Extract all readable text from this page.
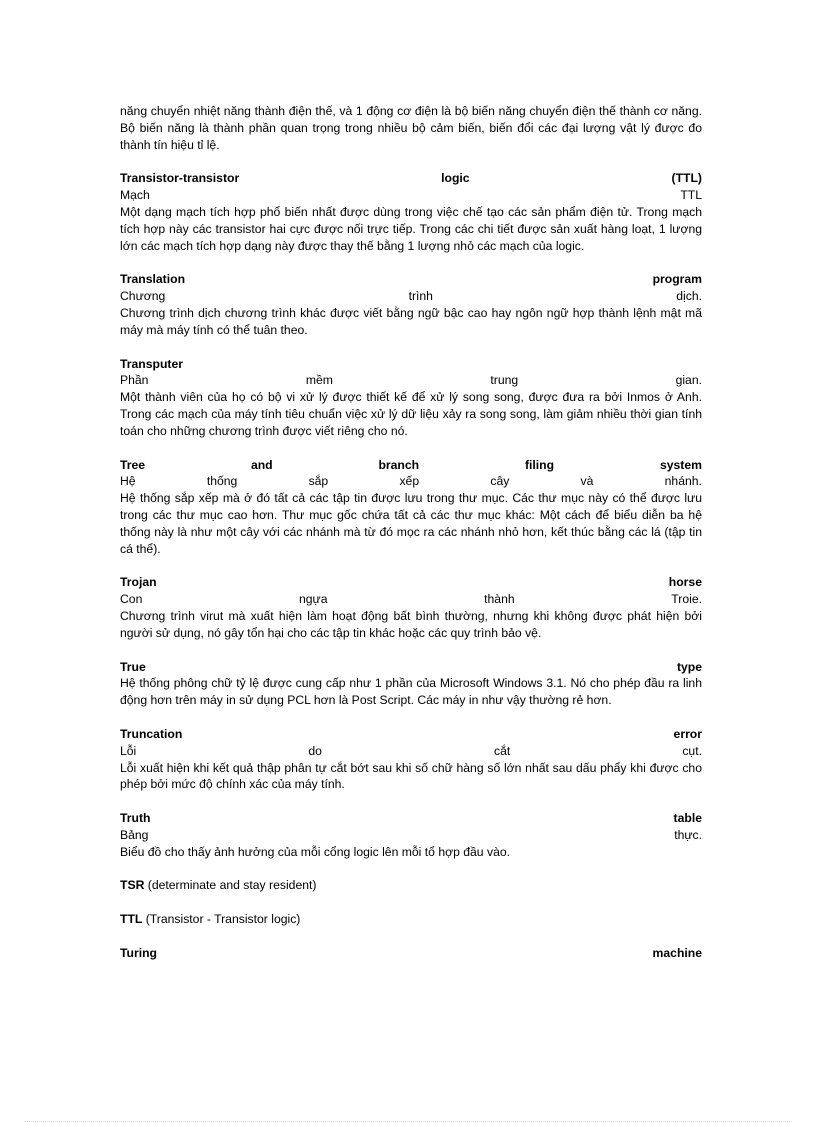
năng chuyển nhiệt năng thành điện thế, và 1 động cơ điện là bộ biến năng chuyển điện thế thành cơ năng. Bộ biến năng là thành phần quan trọng trong nhiều bộ cảm biến, biến đổi các đại lượng vật lý được đo thành tín hiệu tỉ lệ.

Transistor-transistor	logic	(TTL)
Mạch	TTL

Một dạng mạch tích hợp phổ biến nhất được dùng trong việc chế tạo các sản phẩm điện tử. Trong mạch tích hợp này các transistor hai cực được nối trực tiếp. Trong các chi tiết được sản xuất hàng loạt, 1 lượng lớn các mạch tích hợp dạng này được thay thế bằng 1 lượng nhỏ các mạch của logic.

Translation	program
Chương	trình	dịch.

Chương trình dịch chương trình khác được viết bằng ngữ bậc cao hay ngôn ngữ hợp thành lệnh mật mã máy mà máy tính có thể tuân theo.

Transputer
Phần	mềm	trung	gian.

Một thành viên của họ có bộ vi xử lý được thiết kế để xử lý song song, được đưa ra bởi Inmos ở Anh. Trong các mạch của máy tính tiêu chuẩn việc xử lý dữ liệu xảy ra song song, làm giảm nhiều thời gian tính toán cho những chương trình được viết riêng cho nó.

Tree	and	branch	filing	system
Hệ	thống	sắp	xếp	cây	và	nhánh.

Hệ thống sắp xếp mà ở đó tất cả các tập tin được lưu trong thư mục. Các thư mục này có thể được lưu trong các thư mục cao hơn. Thư mục gốc chứa tất cả các thư mục khác: Một cách để biểu diễn ba hệ thống này là như một cây với các nhánh mà từ đó mọc ra các nhánh nhỏ hơn, kết thúc bằng các lá (tập tin cá thể).

Trojan	horse
Con	ngựa	thành	Troie.

Chương trình virut mà xuất hiện làm hoạt động bất bình thường, nhưng khi không được phát hiện bởi người sử dụng, nó gây tổn hại cho các tập tin khác hoặc các quy trình bảo vệ.

True	type

Hệ thống phông chữ tỷ lệ được cung cấp như 1 phần của Microsoft Windows 3.1. Nó cho phép đầu ra linh động hơn trên máy in sử dụng PCL hơn là Post Script. Các máy in như vậy thường rẻ hơn.

Truncation	error
Lỗi	do	cắt	cụt.

Lỗi xuất hiện khi kết quả thập phân tự cắt bớt sau khi số chữ hàng số lớn nhất sau dấu phẩy khi được cho phép bởi mức độ chính xác của máy tính.

Truth	table
Bảng	thực.

Biểu đồ cho thấy ảnh hưởng của mỗi cổng logic lên mỗi tổ hợp đầu vào.

TSR (determinate and stay resident)
TTL (Transistor - Transistor logic)
Turing	machine
